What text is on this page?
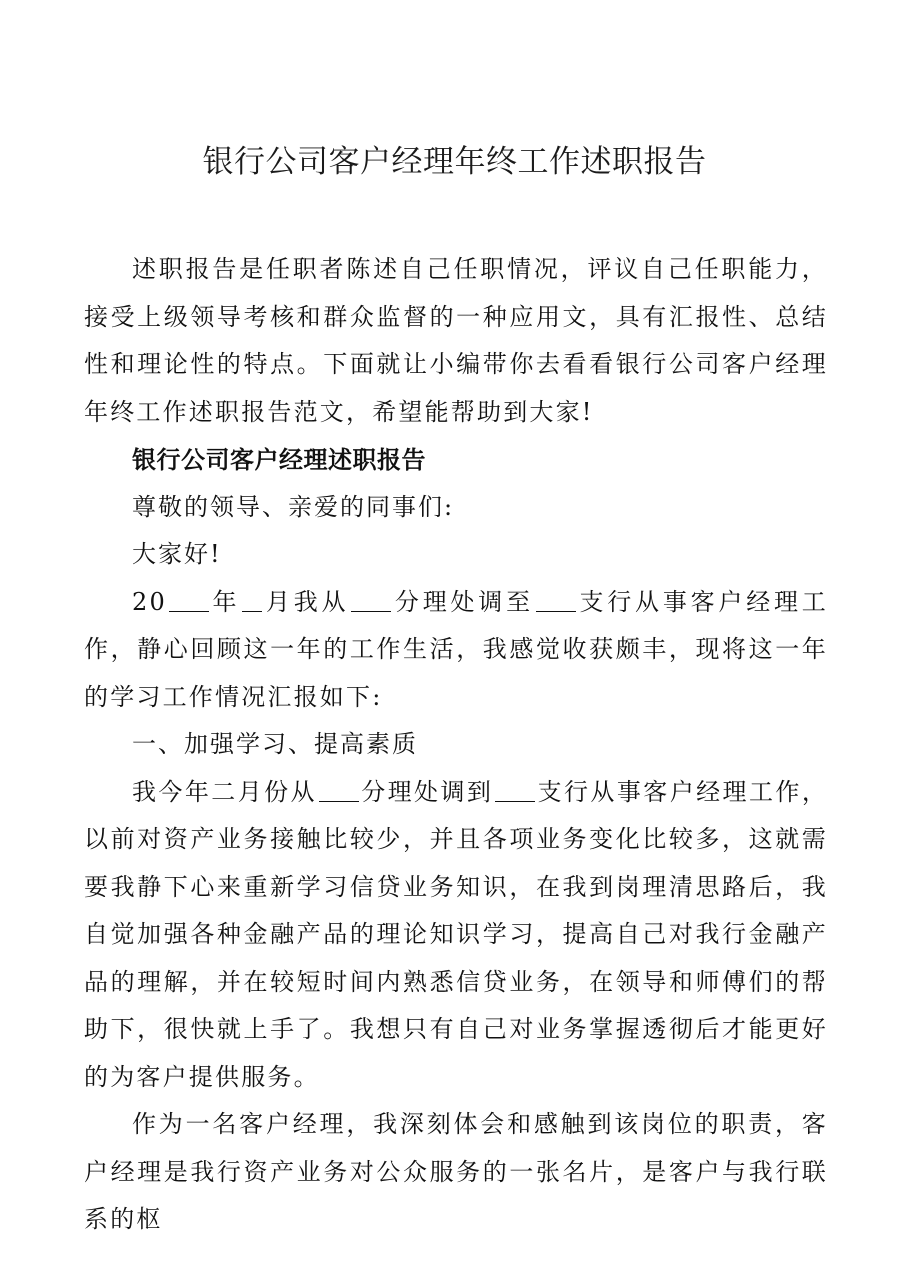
银行公司客户经理年终工作述职报告

述职报告是任职者陈述自己任职情况，评议自己任职能力，接受上级领导考核和群众监督的一种应用文，具有汇报性、总结性和理论性的特点。下面就让小编带你去看看银行公司客户经理年终工作述职报告范文，希望能帮助到大家!

银行公司客户经理述职报告

尊敬的领导、亲爱的同事们:

大家好!

20 年 月我从 分理处调至 支行从事客户经理工作，静心回顾这一年的工作生活，我感觉收获颇丰，现将这一年的学习工作情况汇报如下:

一、加强学习、提高素质

我今年二月份从 分理处调到 支行从事客户经理工作，以前对资产业务接触比较少，并且各项业务变化比较多，这就需要我静下心来重新学习信贷业务知识，在我到岗理清思路后，我自觉加强各种金融产品的理论知识学习，提高自己对我行金融产品的理解，并在较短时间内熟悉信贷业务，在领导和师傅们的帮助下，很快就上手了。我想只有自己对业务掌握透彻后才能更好的为客户提供服务。

作为一名客户经理，我深刻体会和感触到该岗位的职责，客户经理是我行资产业务对公众服务的一张名片，是客户与我行联系的枢
